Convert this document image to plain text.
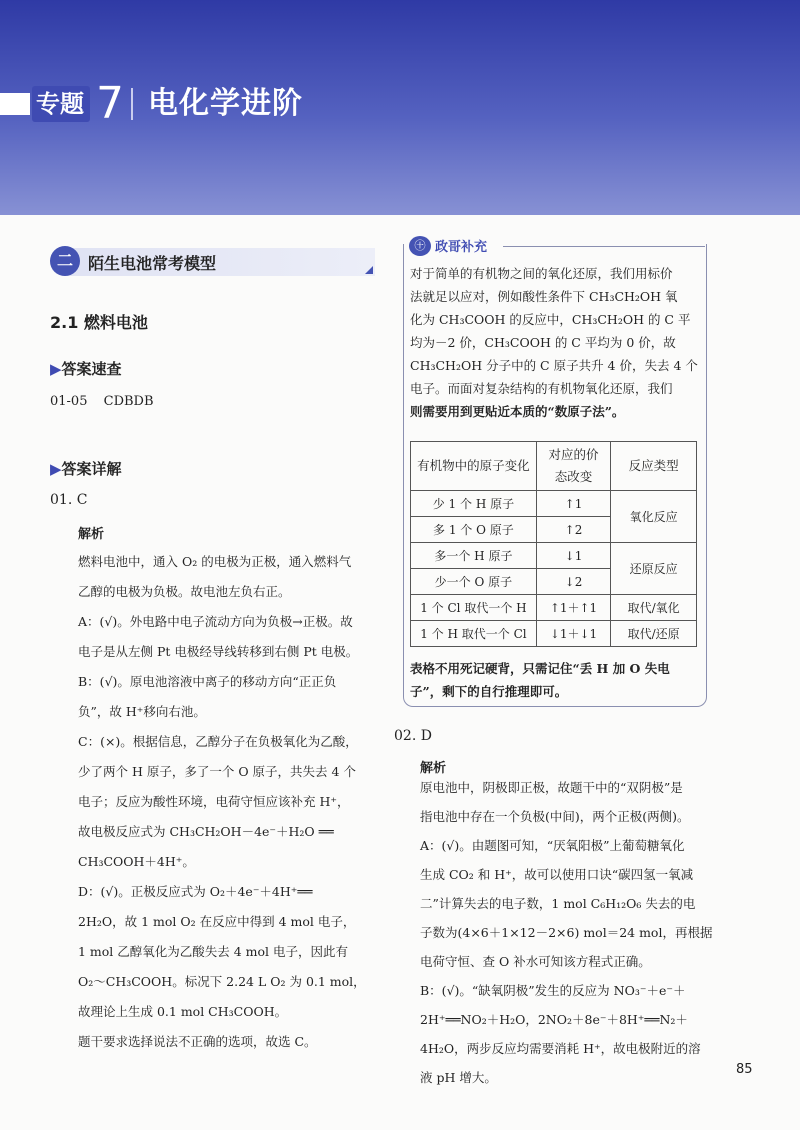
专题 7 电化学进阶
二 陌生电池常考模型
2.1 燃料电池
▶答案速查
01-05 CDBDB
▶答案详解
01. C
解析
燃料电池中，通入 O₂ 的电极为正极，通入燃料气
乙醇的电极为负极。故电池左负右正。
A：(√)。外电路中电子流动方向为负极→正极。故
电子是从左侧 Pt 电极经导线转移到右侧 Pt 电极。
B：(√)。原电池溶液中离子的移动方向“正正负
负”，故 H⁺移向右池。
C：(×)。根据信息，乙醇分子在负极氧化为乙酸，
少了两个 H 原子，多了一个 O 原子，共失去 4 个
电子；反应为酸性环境，电荷守恒应该补充 H⁺，
故电极反应式为 CH₃CH₂OH－4e⁻＋H₂O ══
CH₃COOH＋4H⁺。
D：(√)。正极反应式为 O₂＋4e⁻＋4H⁺══
2H₂O，故 1 mol O₂ 在反应中得到 4 mol 电子，
1 mol 乙醇氧化为乙酸失去 4 mol 电子，因此有
O₂～CH₃COOH。标况下 2.24 L O₂ 为 0.1 mol，
故理论上生成 0.1 mol CH₃COOH。
题干要求选择说法不正确的选项，故选 C。
㊉ 政哥补充
对于简单的有机物之间的氧化还原，我们用标价
法就足以应对，例如酸性条件下 CH₃CH₂OH 氧
化为 CH₃COOH 的反应中，CH₃CH₂OH 的 C 平
均为－2 价，CH₃COOH 的 C 平均为 0 价，故
CH₃CH₂OH 分子中的 C 原子共升 4 价，失去 4 个
电子。而面对复杂结构的有机物氧化还原，我们
则需要用到更贴近本质的“数原子法”。
有机物中的原子变化	对应的价态改变	反应类型
少 1 个 H 原子	↑1	氧化反应
多 1 个 O 原子	↑2	
多一个 H 原子	↓1	还原反应
少一个 O 原子	↓2	
1 个 Cl 取代一个 H	↑1＋↑1	取代/氧化
1 个 H 取代一个 Cl	↓1＋↓1	取代/还原
表格不用死记硬背，只需记住“丢 H 加 O 失电
子”，剩下的自行推理即可。
02. D
解析
原电池中，阴极即正极，故题干中的“双阴极”是
指电池中存在一个负极(中间)，两个正极(两侧)。
A：(√)。由题图可知，“厌氧阳极”上葡萄糖氧化
生成 CO₂ 和 H⁺，故可以使用口诀“碳四氢一氧减
二”计算失去的电子数，1 mol C₆H₁₂O₆ 失去的电
子数为(4×6＋1×12－2×6) mol＝24 mol，再根据
电荷守恒、查 O 补水可知该方程式正确。
B：(√)。“缺氧阴极”发生的反应为 NO₃⁻＋e⁻＋
2H⁺══NO₂＋H₂O，2NO₂＋8e⁻＋8H⁺══N₂＋
4H₂O，两步反应均需要消耗 H⁺，故电极附近的溶
液 pH 增大。
85
